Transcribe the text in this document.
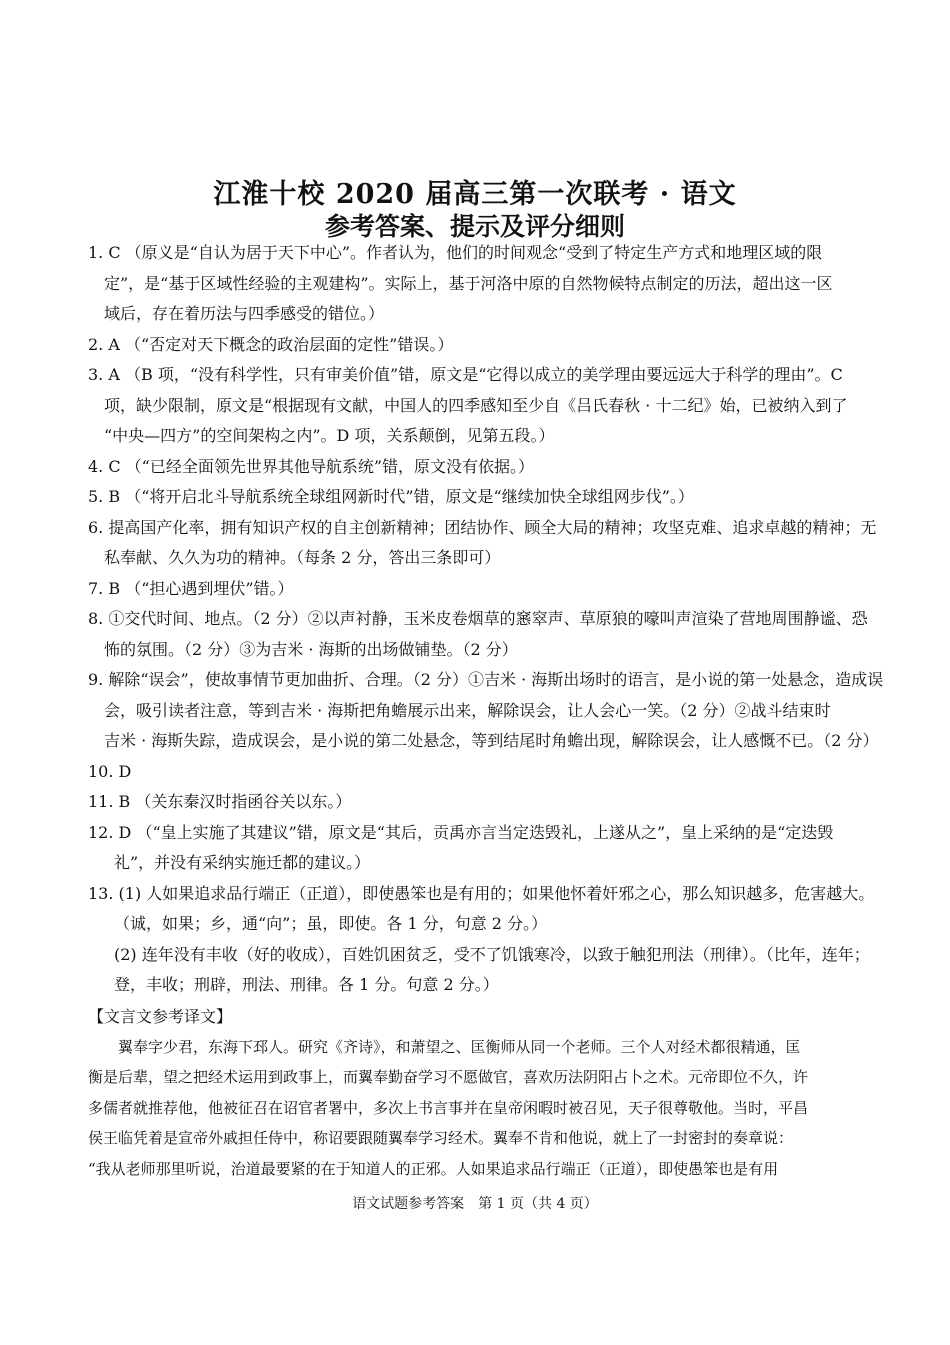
江淮十校 2020 届高三第一次联考 · 语文
参考答案、提示及评分细则
1. C （原义是“自认为居于天下中心”。作者认为，他们的时间观念“受到了特定生产方式和地理区域的限
定”，是“基于区域性经验的主观建构”。实际上，基于河洛中原的自然物候特点制定的历法，超出这一区
域后，存在着历法与四季感受的错位。）
2. A （“否定对天下概念的政治层面的定性”错误。）
3. A （B 项，“没有科学性，只有审美价值”错，原文是“它得以成立的美学理由要远远大于科学的理由”。C
项，缺少限制，原文是“根据现有文献，中国人的四季感知至少自《吕氏春秋 · 十二纪》始，已被纳入到了
“中央—四方”的空间架构之内”。D 项，关系颠倒，见第五段。）
4. C （“已经全面领先世界其他导航系统”错，原文没有依据。）
5. B （“将开启北斗导航系统全球组网新时代”错，原文是“继续加快全球组网步伐”。）
6. 提高国产化率，拥有知识产权的自主创新精神；团结协作、顾全大局的精神；攻坚克难、追求卓越的精神；无
私奉献、久久为功的精神。（每条 2 分，答出三条即可）
7. B （“担心遇到埋伏”错。）
8. ①交代时间、地点。（2 分）②以声衬静，玉米皮卷烟草的窸窣声、草原狼的嚎叫声渲染了营地周围静谧、恐
怖的氛围。（2 分）③为吉米 · 海斯的出场做铺垫。（2 分）
9. 解除“误会”，使故事情节更加曲折、合理。（2 分）①吉米 · 海斯出场时的语言，是小说的第一处悬念，造成误
会，吸引读者注意，等到吉米 · 海斯把角蟾展示出来，解除误会，让人会心一笑。（2 分）②战斗结束时
吉米 · 海斯失踪，造成误会，是小说的第二处悬念，等到结尾时角蟾出现，解除误会，让人感慨不已。（2 分）
10. D
11. B （关东秦汉时指函谷关以东。）
12. D （“皇上实施了其建议”错，原文是“其后，贡禹亦言当定迭毁礼，上遂从之”，皇上采纳的是“定迭毁
礼”，并没有采纳实施迁都的建议。）
13. (1) 人如果追求品行端正（正道），即使愚笨也是有用的；如果他怀着奸邪之心，那么知识越多，危害越大。
（诚，如果；乡，通“向”；虽，即使。各 1 分，句意 2 分。）
(2) 连年没有丰收（好的收成），百姓饥困贫乏，受不了饥饿寒冷，以致于触犯刑法（刑律）。（比年，连年；
登，丰收；刑辟，刑法、刑律。各 1 分。句意 2 分。）
【文言文参考译文】
翼奉字少君，东海下邳人。研究《齐诗》，和萧望之、匡衡师从同一个老师。三个人对经术都很精通，匡
衡是后辈，望之把经术运用到政事上，而翼奉勤奋学习不愿做官，喜欢历法阴阳占卜之术。元帝即位不久，许
多儒者就推荐他，他被征召在诏官者署中，多次上书言事并在皇帝闲暇时被召见，天子很尊敬他。当时，平昌
侯王临凭着是宣帝外戚担任侍中，称诏要跟随翼奉学习经术。翼奉不肯和他说，就上了一封密封的奏章说：
“我从老师那里听说，治道最要紧的在于知道人的正邪。人如果追求品行端正（正道），即使愚笨也是有用
语文试题参考答案　第 1 页（共 4 页）
